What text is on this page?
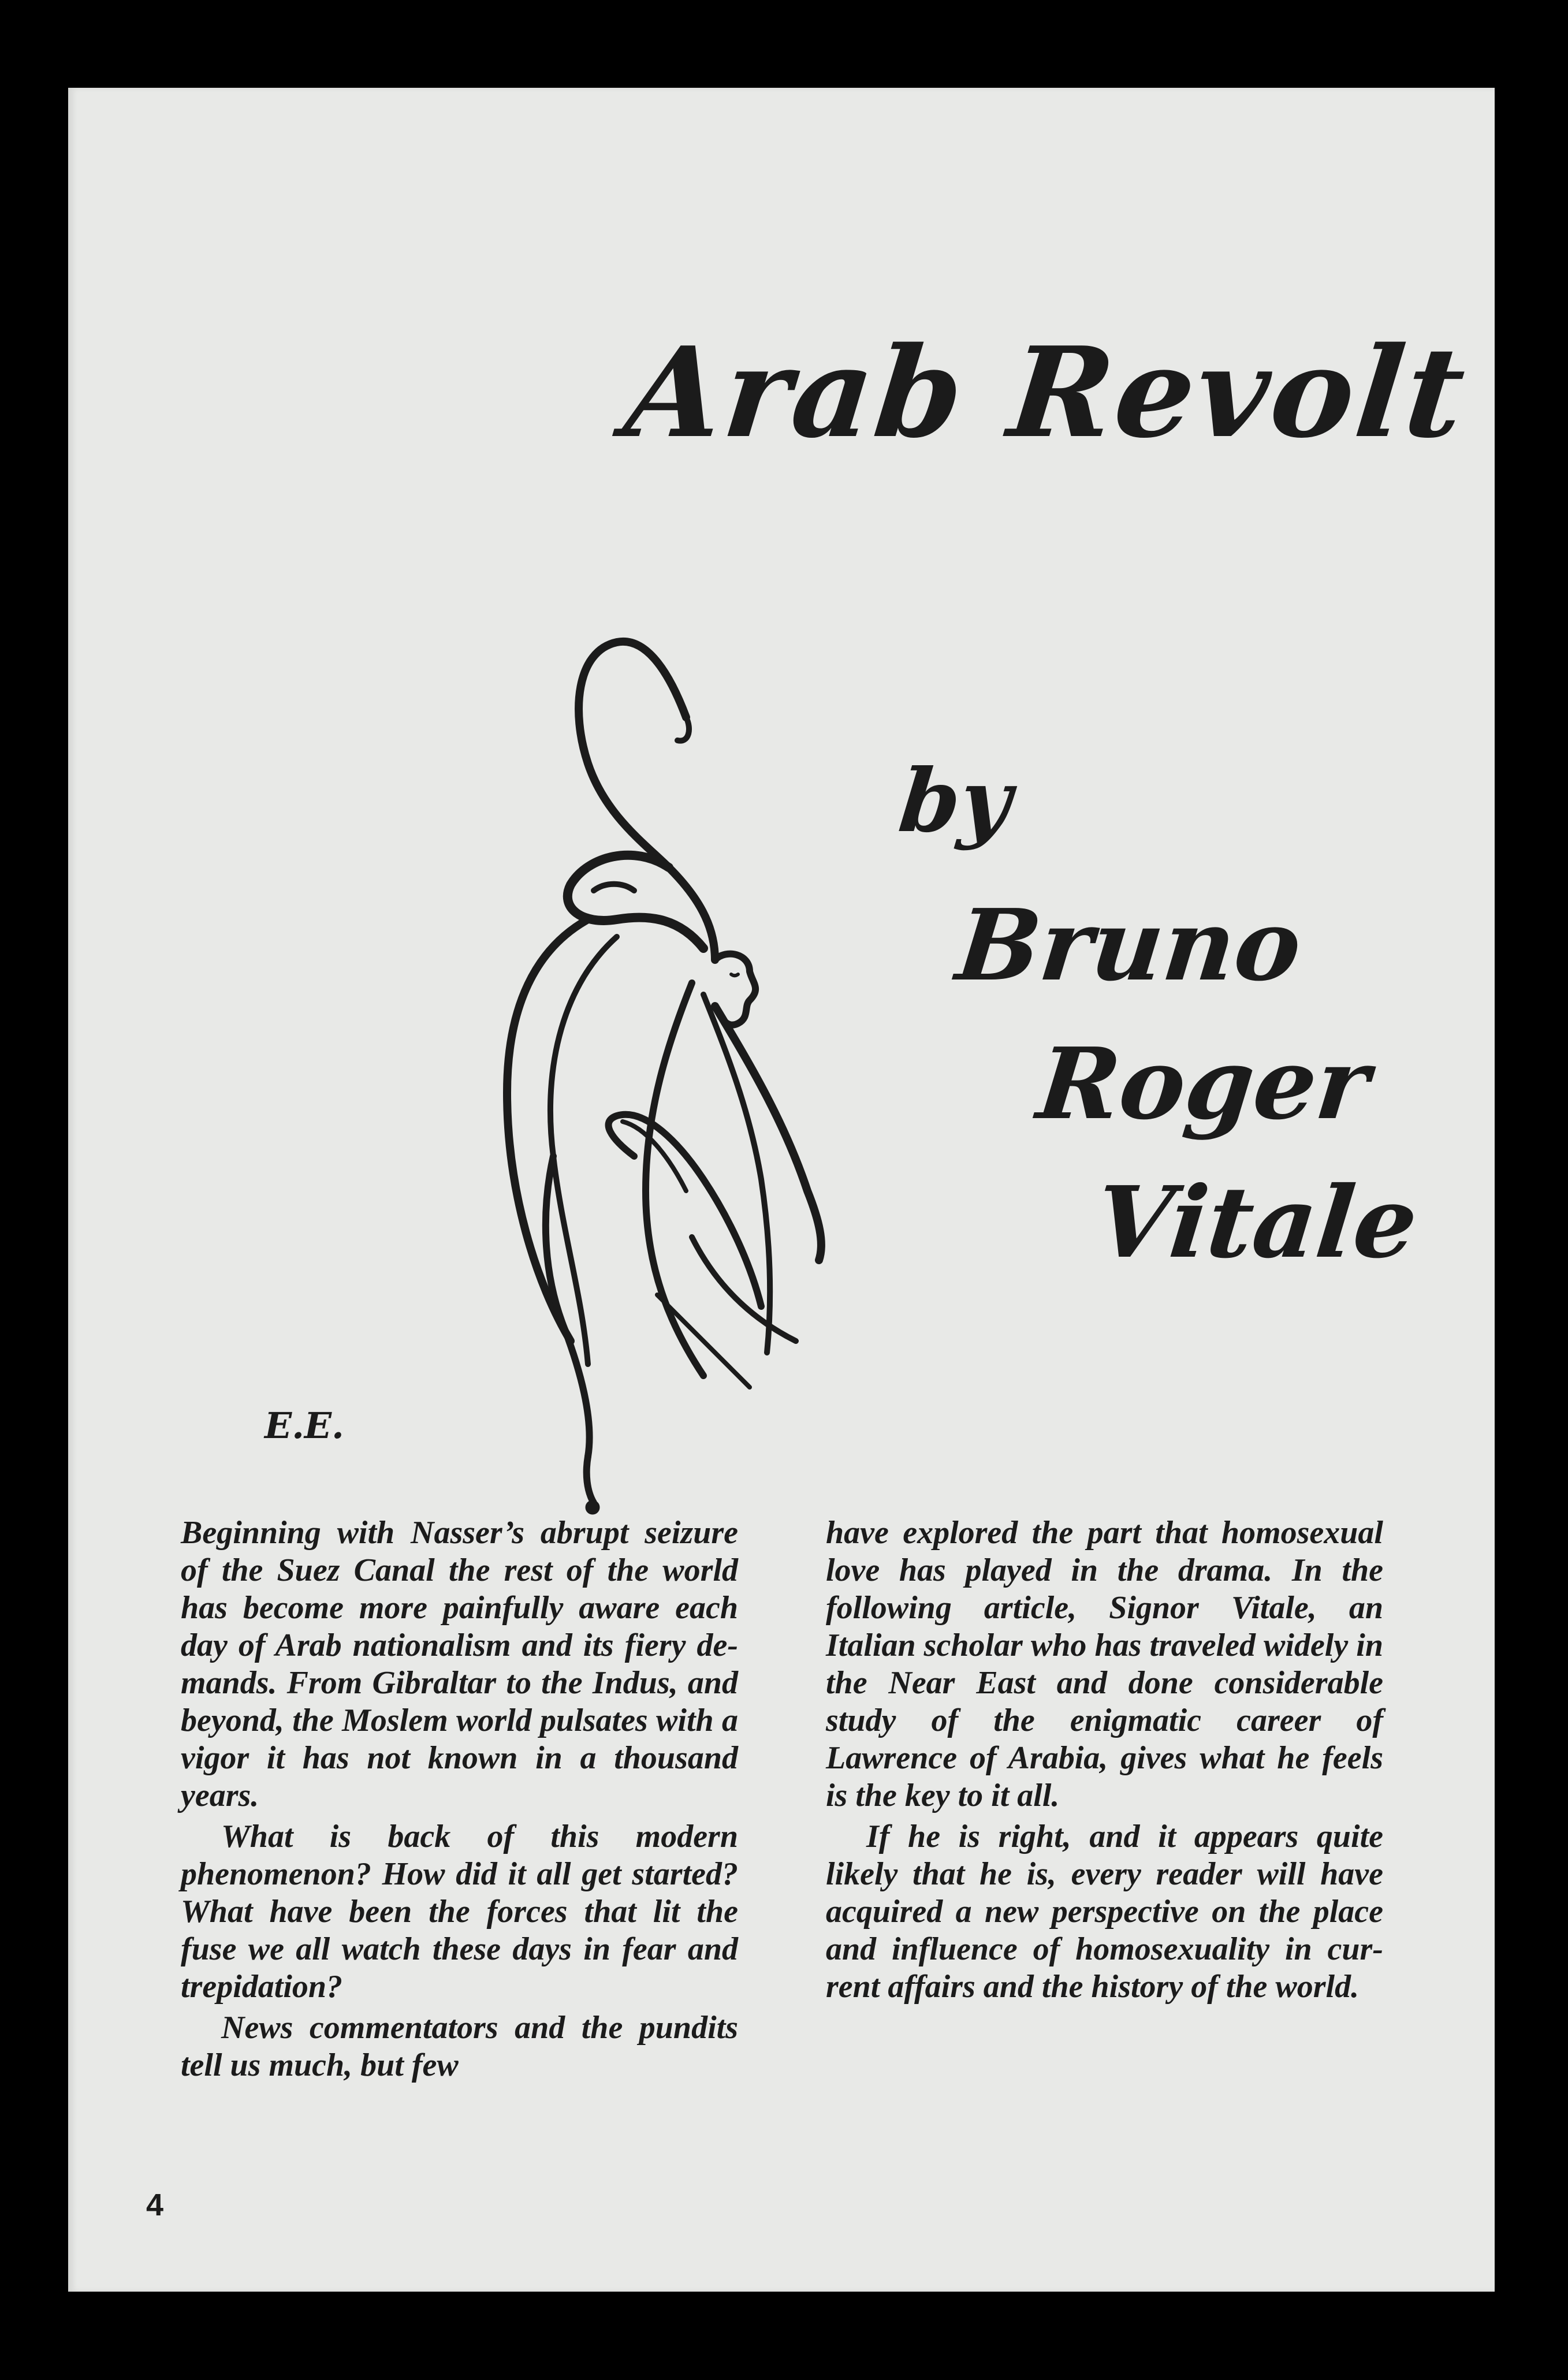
Arab Revolt
by
Bruno
Roger
Vitale
E.E.

Beginning with Nasser’s abrupt seizure of the Suez Canal the rest of the world has become more painfully aware each day of Arab nationalism and its fiery demands. From Gibraltar to the Indus, and beyond, the Moslem world pulsates with a vigor it has not known in a thousand years.

What is back of this modern phenomenon? How did it all get started? What have been the forces that lit the fuse we all watch these days in fear and trepidation?

News commentators and the pundits tell us much, but few

have explored the part that homosexual love has played in the drama. In the following article, Signor Vitale, an Italian scholar who has traveled widely in the Near East and done considerable study of the enigmatic career of Lawrence of Arabia, gives what he feels is the key to it all.

If he is right, and it appears quite likely that he is, every reader will have acquired a new perspective on the place and influence of homosexuality in current affairs and the history of the world.

4
